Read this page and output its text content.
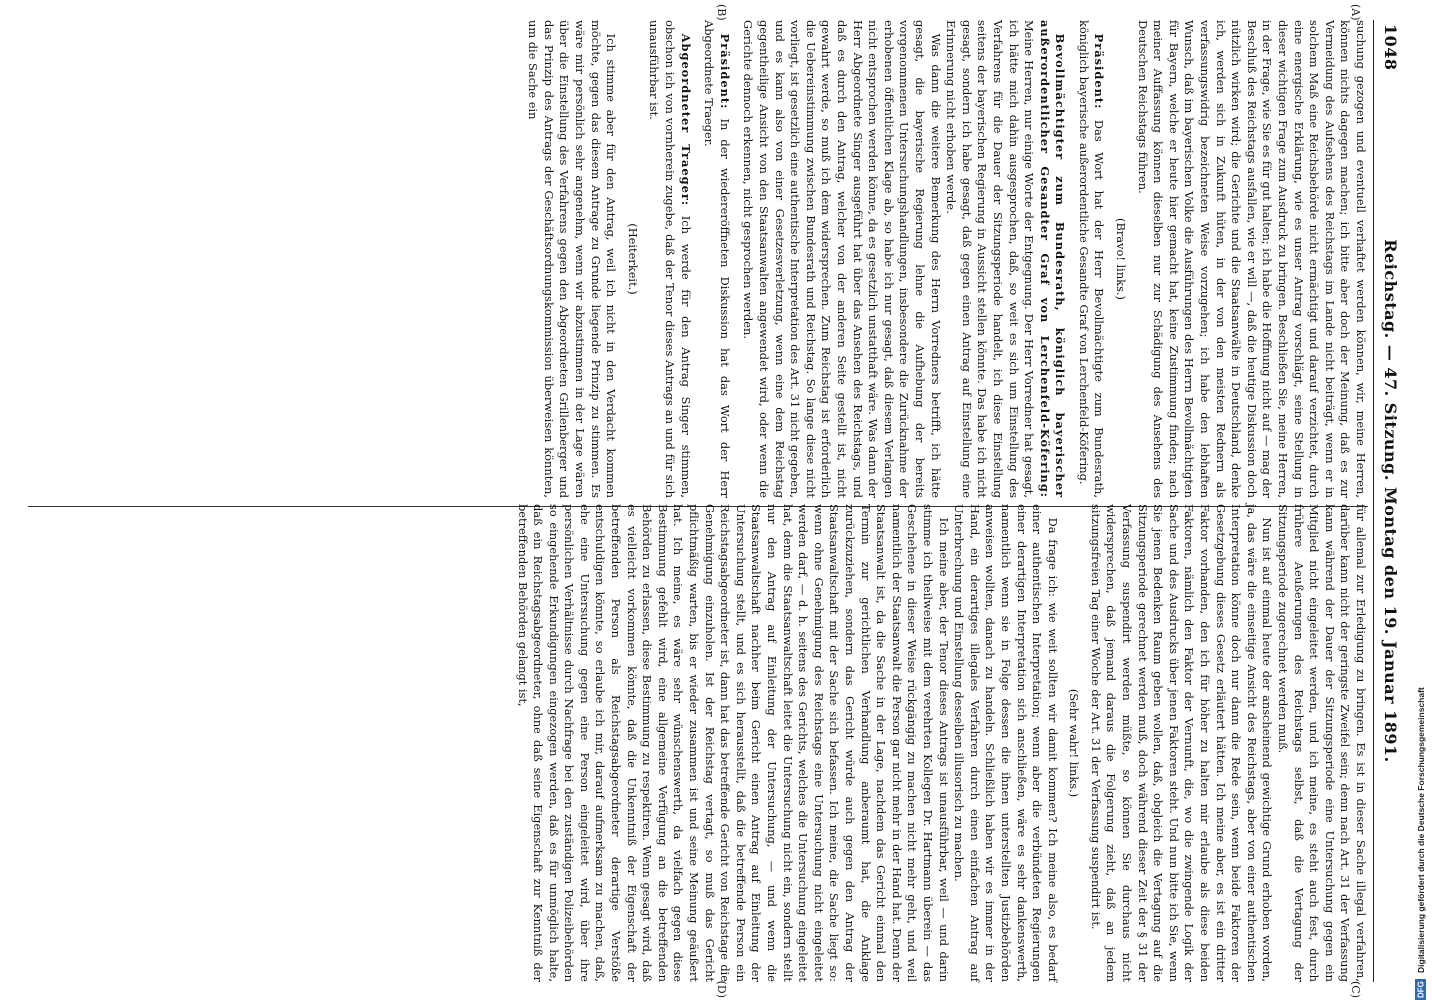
1048
Reichstag. — 47. Sitzung. Montag den 19. Januar 1891.

suchung gezogen und eventuell verhaftet werden können, wir, meine Herren, können nichts dagegen machen; ich bitte aber doch der Meinung, daß es zur Vermeidung des Aufsehens des Reichstags im Lande nicht beiträgt, wenn er in solchem Maß eine Reichsbehörde nicht ermächtigt und darauf verzichtet, durch eine energische Erklärung, wie es unser Antrag vorschlägt, seine Stellung in dieser wichtigen Frage zum Ausdruck zu bringen. Beschließen Sie, meine Herren, in der Frage, wie Sie es für gut halten; ich habe die Hoffnung nicht auf — mag der Beschluß des Reichstags ausfallen, wie er will —, daß die heutige Diskussion doch nützlich wirken wird; die Gerichte und die Staatsanwälte in Deutschland, denke ich, werden sich in Zukunft hüten, in der von den meisten Rednern als verfassungswidrig bezeichneten Weise vorzugehen; ich habe den lebhaften Wunsch, daß im bayerischen Volke die Ausführungen des Herrn Bevollmächtigten für Bayern, welche er heute hier gemacht hat, keine Zustimmung finden; nach meiner Auffassung können dieselben nur zur Schädigung des Ansehens des Deutschen Reichstags führen.

(Bravo! links.)

Präsident: Das Wort hat der Herr Bevollmächtigte zum Bundesrath, königlich bayerische außerordentliche Gesandte Graf von Lerchenfeld-Köfering.

Bevollmächtigter zum Bundesrath, königlich bayerischer außerordentlicher Gesandter Graf von Lerchenfeld-Köfering: Meine Herren, nur einige Worte der Entgegnung. Der Herr Vorredner hat gesagt, ich hätte mich dahin ausgesprochen, daß, so weit es sich um Einstellung des Verfahrens für die Dauer der Sitzungsperiode handelt, ich diese Einstellung seitens der bayerischen Regierung in Aussicht stellen könnte. Das habe ich nicht gesagt, sondern ich habe gesagt, daß gegen einen Antrag auf Einstellung eine Erinnerung nicht erhoben werde.

Was dann die weitere Bemerkung des Herrn Vorredners betrifft, ich hätte gesagt, die bayerische Regierung lehne die Aufhebung der bereits vorgenommenen Untersuchungshandlungen, insbesondere die Zurücknahme der erhobenen öffentlichen Klage ab, so habe ich nur gesagt, daß diesem Verlangen nicht entsprochen werden könne, da es gesetzlich unstatthaft wäre. Was dann der Herr Abgeordnete Singer ausgeführt hat über das Ansehen des Reichstags, und daß es durch den Antrag, welcher von der anderen Seite gestellt ist, nicht gewahrt werde, so muß ich dem widersprechen. Zum Reichstag ist erforderlich die Uebereinstimmung zwischen Bundesrath und Reichstag. So lange diese nicht vorliegt, ist gesetzlich eine authentische Interpretation des Art. 31 nicht gegeben, und es kann also von einer Gesetzesverletzung, wenn eine dem Reichstag gegentheilige Ansicht von den Staatsanwalten angewendet wird, oder wenn die Gerichte dennoch erkennen, nicht gesprochen werden.

Präsident: In der wiedereröffneten Diskussion hat das Wort der Herr Abgeordnete Traeger.

Abgeordneter Traeger: Ich werde für den Antrag Singer stimmen, obschon ich von vornherein zugebe, daß der Tenor dieses Antrags an und für sich unausführbar ist.

(Heiterkeit.)

Ich stimme aber für den Antrag, weil ich nicht in den Verdacht kommen möchte, gegen das diesem Antrage zu Grunde liegende Prinzip zu stimmen. Es wäre mir persönlich sehr angenehm, wenn wir abzustimmen in der Lage wären über die Einstellung des Verfahrens gegen den Abgeordneten Grillenberger und das Prinzip des Antrags der Geschäftsordnungskommission überweisen könnten, um die Sache ein

für allemal zur Erledigung zu bringen. Es ist in dieser Sache illegal verfahren, darüber kann nicht der geringste Zweifel sein; denn nach Art. 31 der Verfassung kann während der Dauer der Sitzungsperiode eine Untersuchung gegen ein Mitglied nicht eingeleitet werden, und ich meine, es steht auch fest, durch frühere Aeußerungen des Reichstags selbst, daß die Vertagung der Sitzungsperiode zugerechnet werden muß.

Nun ist auf einmal heute der anscheinend gewichtige Grund erhoben worden, ja, das wäre die einseitige Ansicht des Reichstags, aber von einer authentischen Interpretation könne doch nur dann die Rede sein, wenn beide Faktoren der Gesetzgebung dieses Gesetz erläutert hätten. Ich meine aber, es ist ein dritter Faktor vorhanden, den ich für höher zu halten mir erlaube als diese beiden Faktoren, nämlich den Faktor der Vernunft, die, wo die zwingende Logik der Sache und des Ausdrucks über jenen Faktoren steht. Und nun bitte ich Sie, wenn Sie jenen Bedenken Raum geben wollen, daß, obgleich die Vertagung auf die Sitzungsperiode gerechnet werden muß, doch während dieser Zeit der § 31 der Verfassung suspendirt werden müßte, so können Sie durchaus nicht widersprechen, daß jemand daraus die Folgerung zieht, daß an jedem sitzungsfreien Tag einer Woche der Art. 31 der Verfassung suspendirt ist.

(Sehr wahr! links.)

Da frage ich: wie weit sollten wir damit kommen? Ich meine also, es bedarf einer authentischen Interpretation; wenn aber die verbündeten Regierungen einer derartigen Interpretation sich anschließen, wäre es sehr dankenswerth, namentlich wenn sie in Folge dessen die ihnen unterstellten Justizbehörden anweisen wollten, danach zu handeln. Schließlich haben wir es immer in der Hand, ein derartiges illegales Verfahren durch einen einfachen Antrag auf Unterbrechung und Einstellung desselben illusorisch zu machen.

Ich meine aber, der Tenor dieses Antrags ist unausführbar, weil — und darin stimme ich theilweise mit dem verehrten Kollegen Dr. Hartmann überein — das Geschehene in dieser Weise rückgängig zu machen nicht mehr geht, und weil namentlich der Staatsanwalt die Person gar nicht mehr in der Hand hat. Denn der Staatsanwalt ist, da die Sache in der Lage, nachdem das Gericht einmal den Termin zur gerichtlichen Verhandlung anberaumt hat, die Anklage zurückzuziehen, sondern das Gericht würde auch gegen den Antrag der Staatsanwaltschaft mit der Sache sich befassen. Ich meine, die Sache liegt so: wenn ohne Genehmigung des Reichstags eine Untersuchung nicht eingeleitet werden darf, — d. h. seitens des Gerichts, welches die Untersuchung eingeleitet hat, denn die Staatsanwaltschaft leitet die Untersuchung nicht ein, sondern stellt nur den Antrag auf Einleitung der Untersuchung, — und wenn die Staatsanwaltschaft nachher beim Gericht einen Antrag auf Einleitung der Untersuchung stellt, und es sich herausstellt, daß die betreffende Person ein Reichstagsabgeordneter ist, dann hat das betreffende Gericht von Reichstage die Genehmigung einzuholen. Ist der Reichstag vertagt, so muß das Gericht pflichtmäßig warten, bis er wieder zusammen ist und seine Meinung geäußert hat. Ich meine, es wäre sehr wünschenswerth, da vielfach gegen diese Bestimmung gefehlt wird, eine allgemeine Verfügung an die betreffenden Behörden zu erlassen, diese Bestimmung zu respektiren. Wenn gesagt wird, daß es vielleicht vorkommen könnte, daß die Unkenntniß der Eigenschaft der betreffenden Person als Reichstagsabgeordneter derartige Verstöße entschuldigen könnte, so erlaube ich mir, darauf aufmerksam zu machen, daß, ehe eine Untersuchung gegen eine Person eingeleitet wird, über ihre persönlichen Verhältnisse durch Nachfrage bei den zuständigen Polizeibehörden so eingehende Erkundigungen eingezogen werden, daß es für unmöglich halte, daß ein Reichstagsabgeordneter, ohne daß seine Eigenschaft zur Kenntniß der betreffenden Behörden gelangt ist,

(A)
(B)
(C)
(D)	DFG
Digitalisierung gefördert durch die Deutsche Forschungsgemeinschaft
